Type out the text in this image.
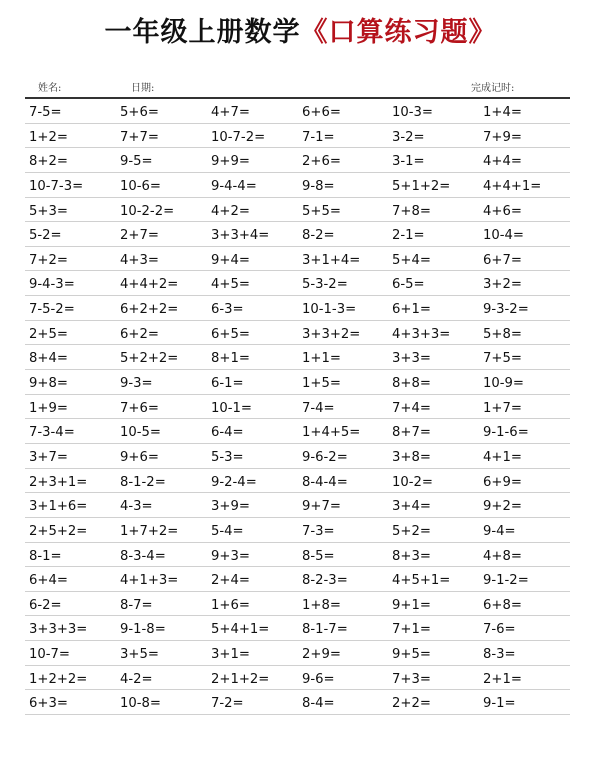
一年级上册数学《口算练习题》
姓名:	日期:	完成记时:
7-5=	5+6=	4+7=	6+6=	10-3=	1+4=
1+2=	7+7=	10-7-2=	7-1=	3-2=	7+9=
8+2=	9-5=	9+9=	2+6=	3-1=	4+4=
10-7-3=	10-6=	9-4-4=	9-8=	5+1+2= 4+4+1=
5+3=	10-2-2=	4+2=	5+5=	7+8=	4+6=
5-2=	2+7=	3+3+4= 8-2=	2-1=	10-4=
7+2=	4+3=	9+4=	3+1+4= 5+4=	6+7=
9-4-3=	4+4+2= 4+5=	5-3-2=	6-5=	3+2=
7-5-2=	6+2+2= 6-3=	10-1-3=	6+1=	9-3-2=
2+5=	6+2=	6+5=	3+3+2= 4+3+3= 5+8=
8+4=	5+2+2= 8+1=	1+1=	3+3=	7+5=
9+8=	9-3=	6-1=	1+5=	8+8=	10-9=
1+9=	7+6=	10-1=	7-4=	7+4=	1+7=
7-3-4=	10-5=	6-4=	1+4+5= 8+7=	9-1-6=
3+7=	9+6=	5-3=	9-6-2=	3+8=	4+1=
2+3+1= 8-1-2=	9-2-4=	8-4-4=	10-2=	6+9=
3+1+6= 4-3=	3+9=	9+7=	3+4=	9+2=
2+5+2= 1+7+2= 5-4=	7-3=	5+2=	9-4=
8-1=	8-3-4=	9+3=	8-5=	8+3=	4+8=
6+4=	4+1+3= 2+4=	8-2-3=	4+5+1= 9-1-2=
6-2=	8-7=	1+6=	1+8=	9+1=	6+8=
3+3+3= 9-1-8=	5+4+1= 8-1-7=	7+1=	7-6=
10-7=	3+5=	3+1=	2+9=	9+5=	8-3=
1+2+2= 4-2=	2+1+2= 9-6=	7+3=	2+1=
6+3=	10-8=	7-2=	8-4=	2+2=	9-1=
